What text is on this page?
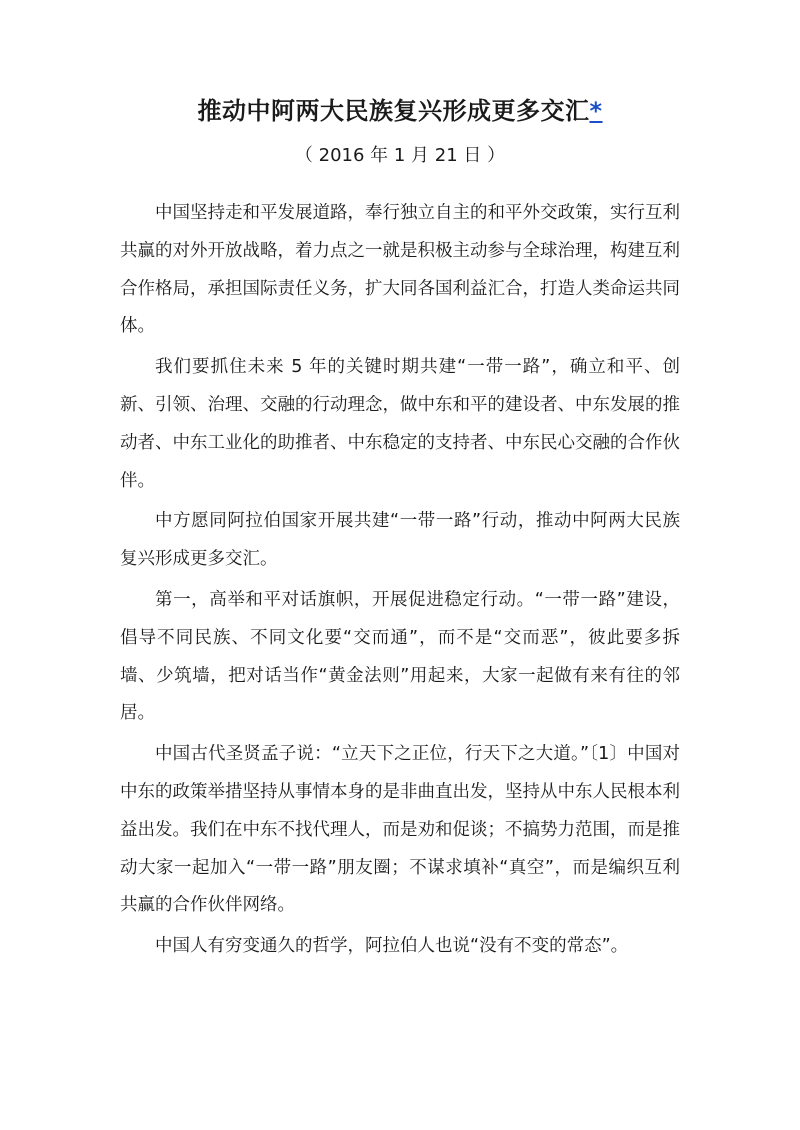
推动中阿两大民族复兴形成更多交汇*
（ 2016 年 1 月 21 日 ）

中国坚持走和平发展道路，奉行独立自主的和平外交政策，实行互利共赢的对外开放战略，着力点之一就是积极主动参与全球治理，构建互利合作格局，承担国际责任义务，扩大同各国利益汇合，打造人类命运共同体。

我们要抓住未来 5 年的关键时期共建“一带一路”，确立和平、创新、引领、治理、交融的行动理念，做中东和平的建设者、中东发展的推动者、中东工业化的助推者、中东稳定的支持者、中东民心交融的合作伙伴。

中方愿同阿拉伯国家开展共建“一带一路”行动，推动中阿两大民族复兴形成更多交汇。

第一，高举和平对话旗帜，开展促进稳定行动。“一带一路”建设，倡导不同民族、不同文化要“交而通”，而不是“交而恶”，彼此要多拆墙、少筑墙，把对话当作“黄金法则”用起来，大家一起做有来有往的邻居。

中国古代圣贤孟子说：“立天下之正位，行天下之大道。”〔1〕中国对中东的政策举措坚持从事情本身的是非曲直出发，坚持从中东人民根本利益出发。我们在中东不找代理人，而是劝和促谈；不搞势力范围，而是推动大家一起加入“一带一路”朋友圈；不谋求填补“真空”，而是编织互利共赢的合作伙伴网络。

中国人有穷变通久的哲学，阿拉伯人也说“没有不变的常态”。
